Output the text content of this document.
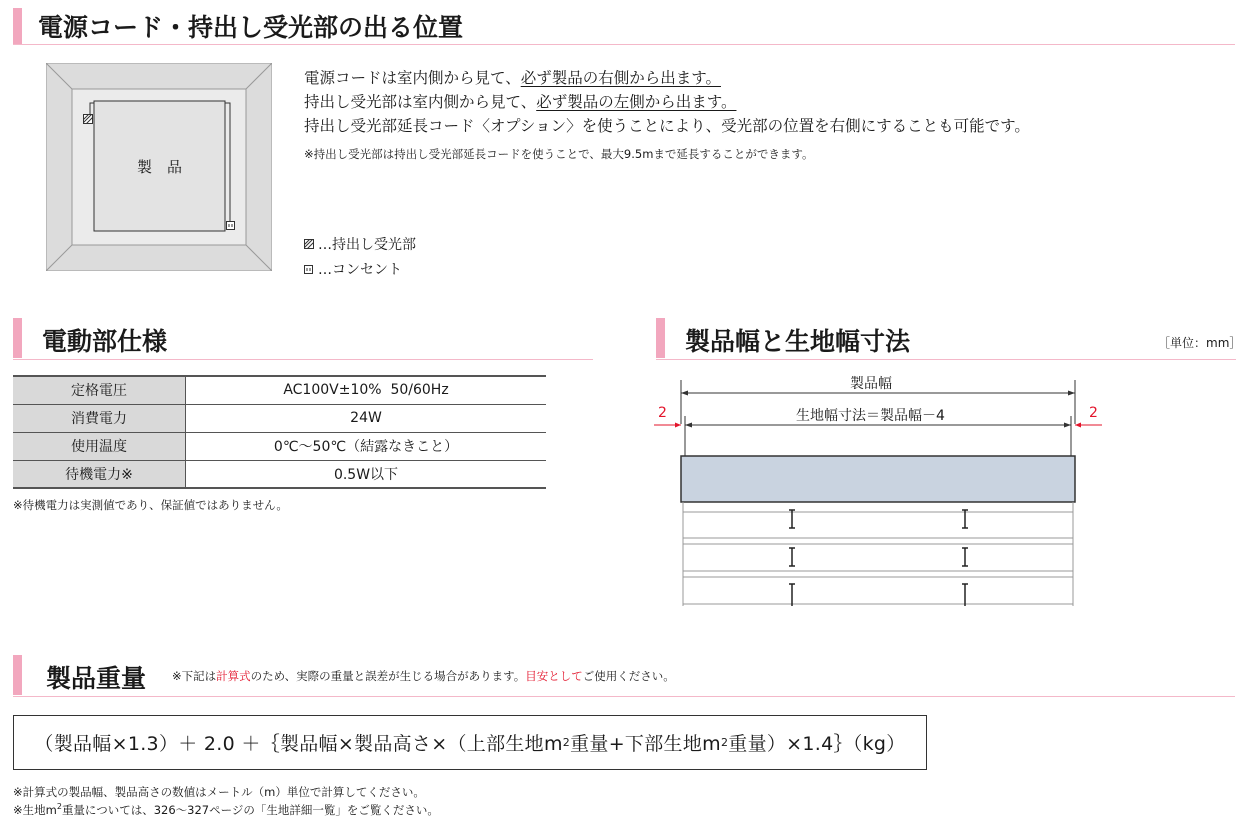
電源コード・持出し受光部の出る位置
製　品
電源コードは室内側から見て、必ず製品の右側から出ます。
持出し受光部は室内側から見て、必ず製品の左側から出ます。
持出し受光部延長コード〈オプション〉を使うことにより、受光部の位置を右側にすることも可能です。
※持出し受光部は持出し受光部延長コードを使うことで、最大9.5mまで延長することができます。
…持出し受光部
…コンセント
電動部仕様
定格電圧	AC100V±10%  50/60Hz
消費電力	24W
使用温度	0℃～50℃（結露なきこと）
待機電力※	0.5W以下
※待機電力は実測値であり、保証値ではありません。
製品幅と生地幅寸法	［単位：mm］
製品幅
生地幅寸法＝製品幅－4
2	2
製品重量 ※下記は計算式のため、実際の重量と誤差が生じる場合があります。目安としてご使用ください。
（製品幅×1.3）＋ 2.0 ＋｛製品幅×製品高さ×（上部生地m 2 重量+下部生地m 2 重量）×1.4｝（kg）
※計算式の製品幅、製品高さの数値はメートル（m）単位で計算してください。
※生地$m^2$重量については、326～327ページの「生地詳細一覧」をご覧ください。
